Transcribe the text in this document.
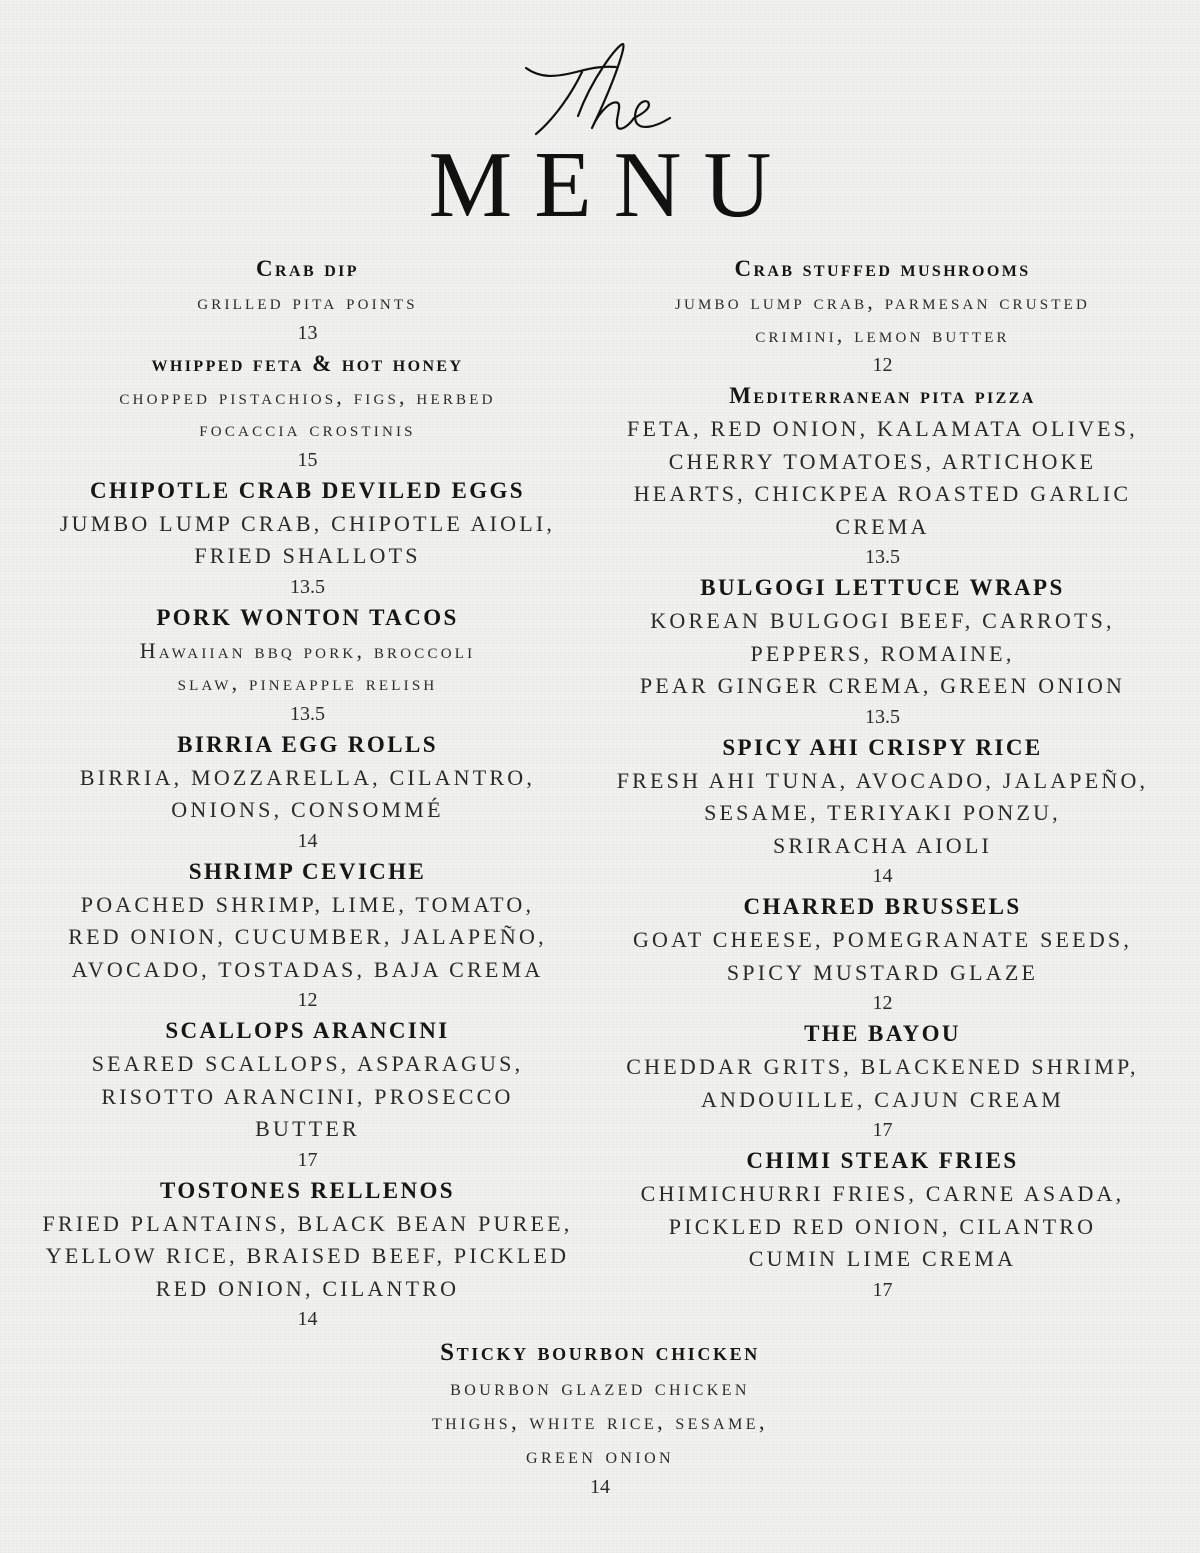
MENU
Crab dip
grilled pita points
13
whipped feta & hot honey
chopped pistachios, figs, herbed
focaccia crostinis
15
CHIPOTLE CRAB DEVILED EGGS
JUMBO LUMP CRAB, CHIPOTLE AIOLI,
FRIED SHALLOTS
13.5
PORK WONTON TACOS
Hawaiian bbq pork, broccoli
slaw, pineapple relish
13.5
BIRRIA EGG ROLLS
BIRRIA, MOZZARELLA, CILANTRO,
ONIONS, CONSOMMÉ
14
SHRIMP CEVICHE
POACHED SHRIMP, LIME, TOMATO,
RED ONION, CUCUMBER, JALAPEÑO,
AVOCADO, TOSTADAS, BAJA CREMA
12
SCALLOPS ARANCINI
SEARED SCALLOPS, ASPARAGUS,
RISOTTO ARANCINI, PROSECCO
BUTTER
17
TOSTONES RELLENOS
FRIED PLANTAINS, BLACK BEAN PUREE,
YELLOW RICE, BRAISED BEEF, PICKLED
RED ONION, CILANTRO
14
Crab stuffed mushrooms
jumbo lump crab, parmesan crusted
crimini, lemon butter
12
Mediterranean pita pizza
FETA, RED ONION, KALAMATA OLIVES,
CHERRY TOMATOES, ARTICHOKE
HEARTS, CHICKPEA ROASTED GARLIC
CREMA
13.5
BULGOGI LETTUCE WRAPS
KOREAN BULGOGI BEEF, CARROTS,
PEPPERS, ROMAINE,
PEAR GINGER CREMA, GREEN ONION
13.5
SPICY AHI CRISPY RICE
FRESH AHI TUNA, AVOCADO, JALAPEÑO,
SESAME, TERIYAKI PONZU,
SRIRACHA AIOLI
14
CHARRED BRUSSELS
GOAT CHEESE, POMEGRANATE SEEDS,
SPICY MUSTARD GLAZE
12
THE BAYOU
CHEDDAR GRITS, BLACKENED SHRIMP,
ANDOUILLE, CAJUN CREAM
17
CHIMI STEAK FRIES
CHIMICHURRI FRIES, CARNE ASADA,
PICKLED RED ONION, CILANTRO
CUMIN LIME CREMA
17
Sticky bourbon chicken
bourbon glazed chicken
thighs, white rice, sesame,
green onion
14
